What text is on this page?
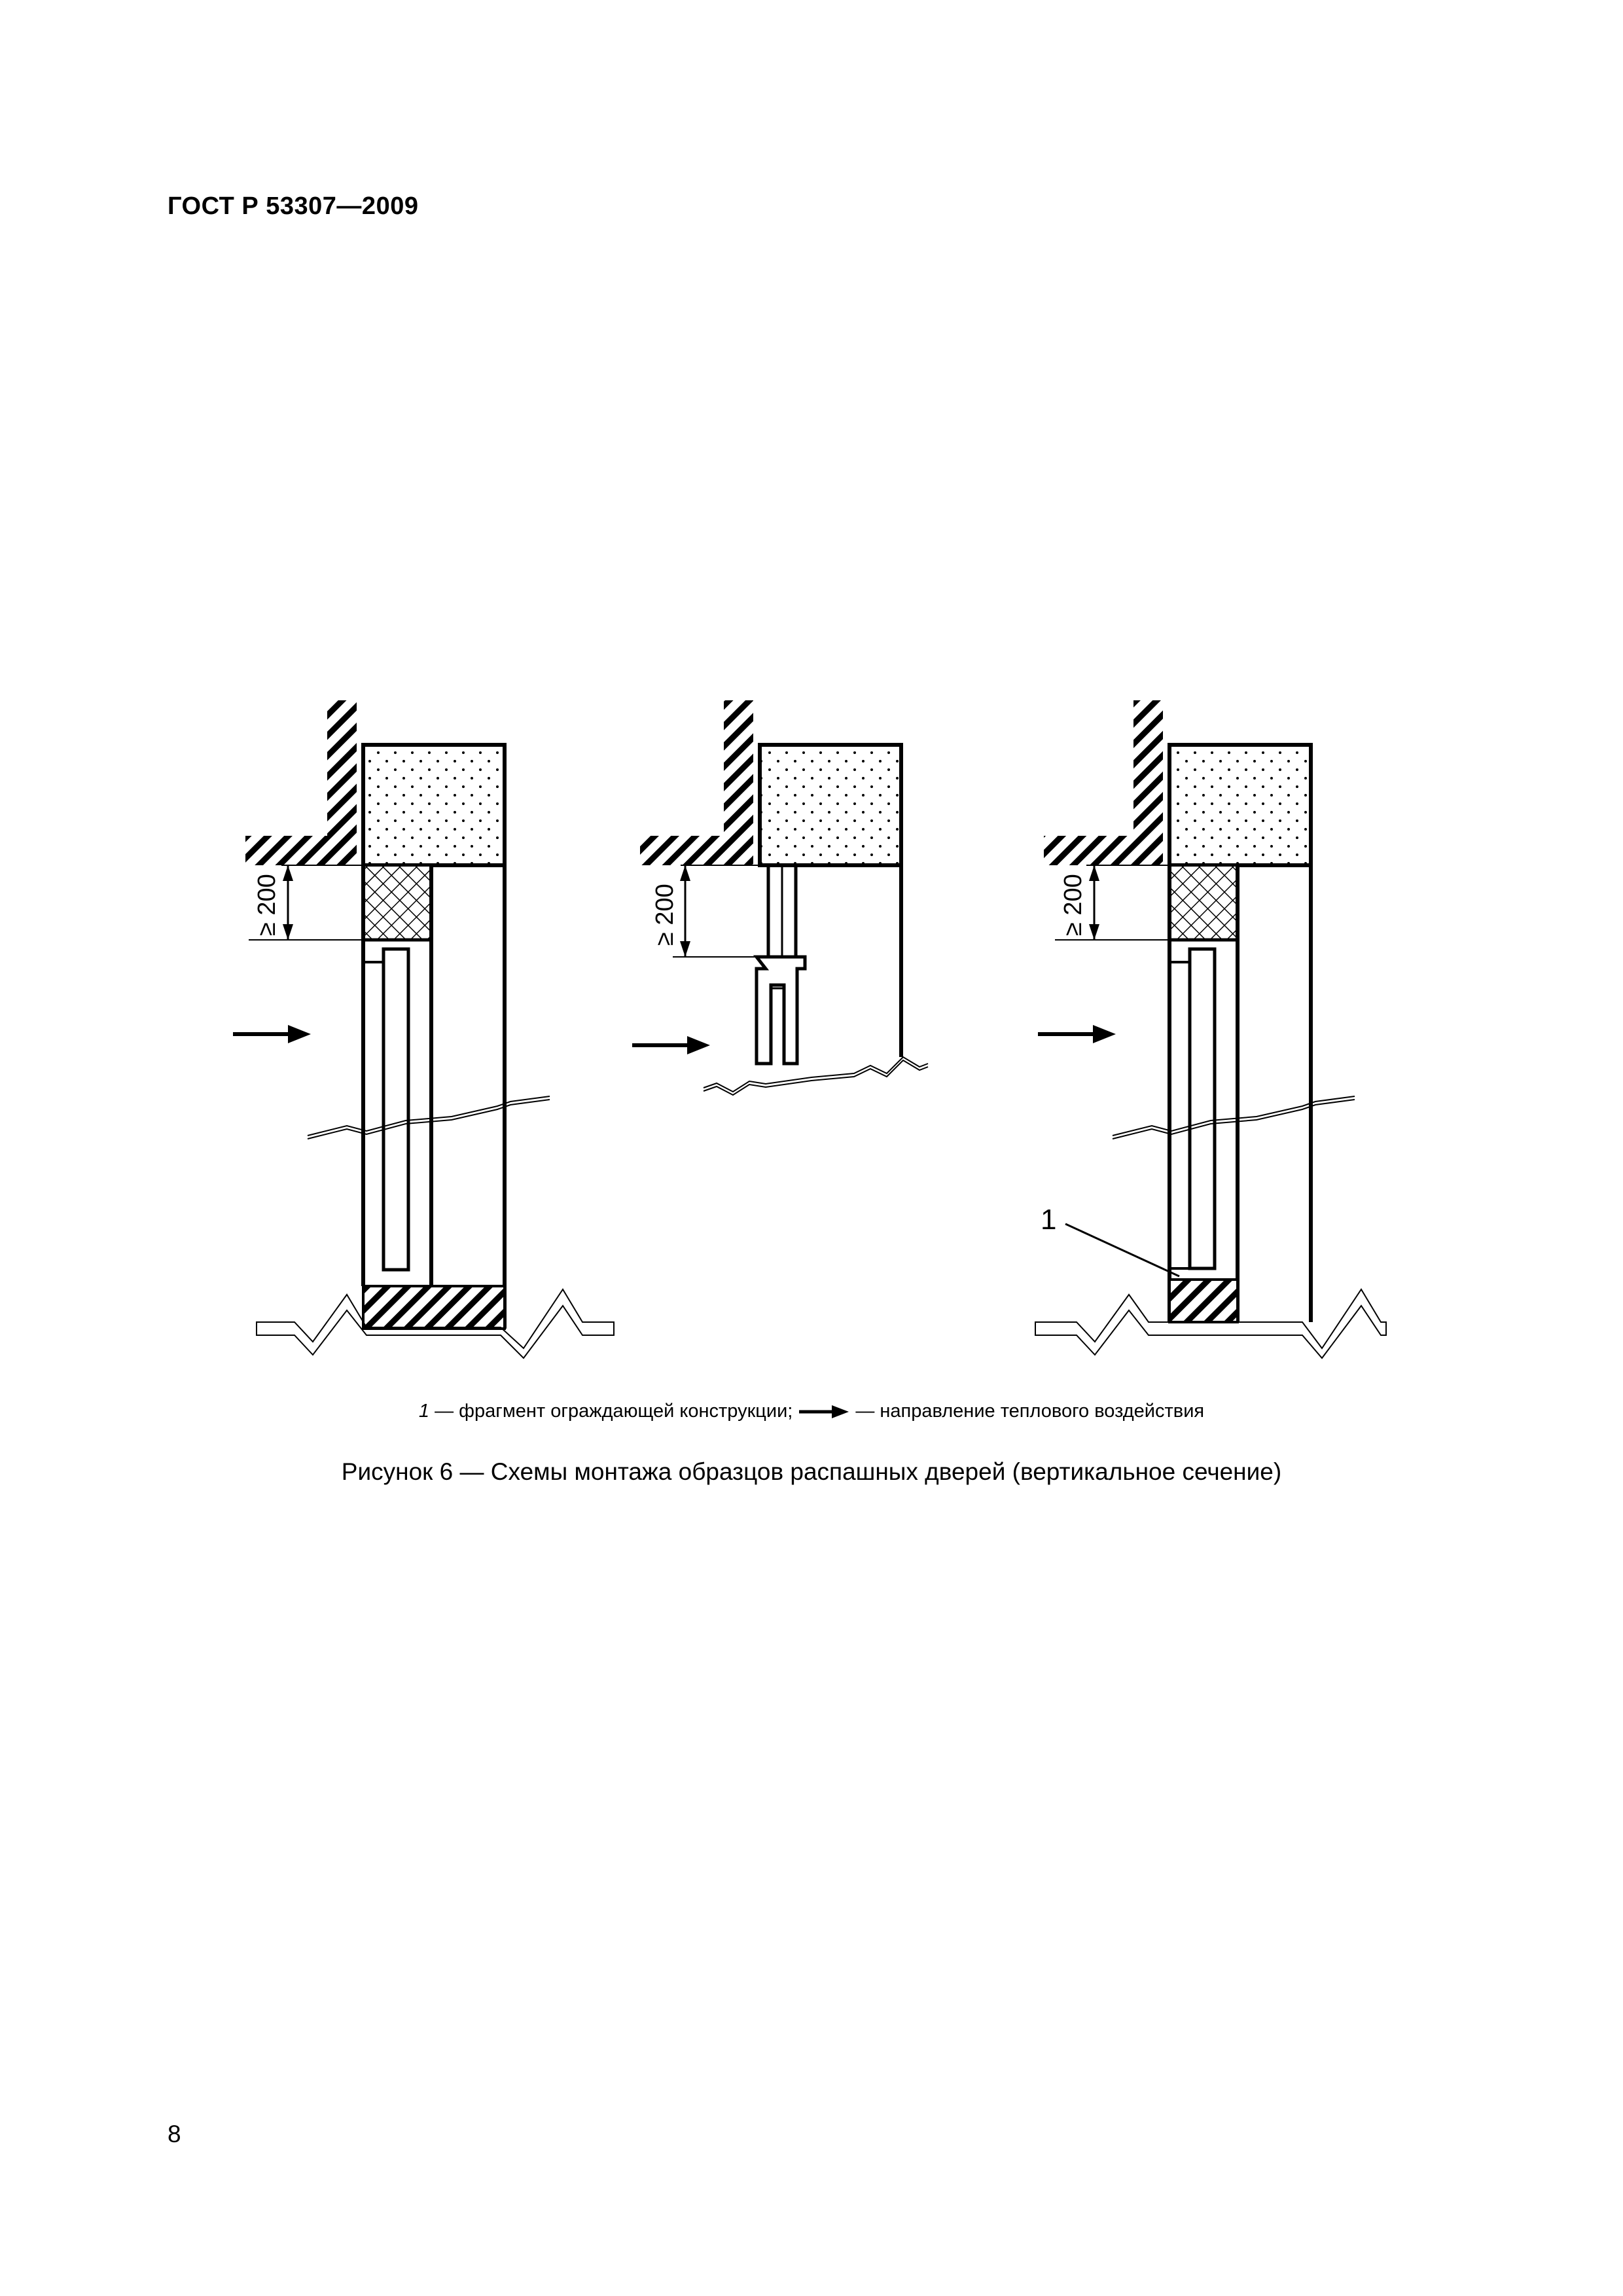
ГОСТ Р 53307—2009
≥ 200	≥ 200	≥ 200
1
1 — фрагмент ограждающей конструкции;	— направление теплового воздействия
Рисунок 6 — Схемы монтажа образцов распашных дверей (вертикальное сечение)
8
